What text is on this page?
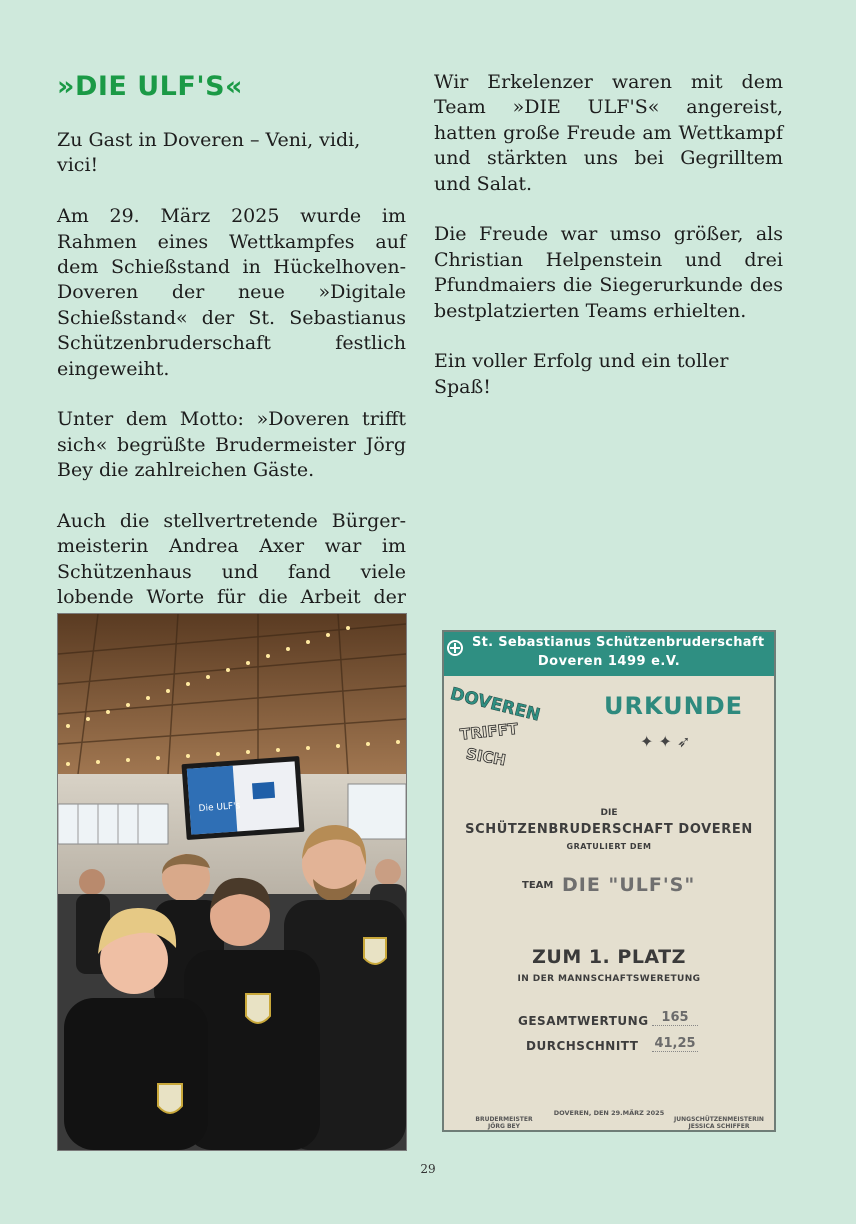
»DIE ULF'S«

Zu Gast in Doveren – Veni, vidi, vici!

Am 29. März 2025 wurde im Rahmen eines Wettkampfes auf dem Schießstand in Hückelhoven-Doveren der neue »Digitale Schießstand« der St. Sebastianus Schützenbruderschaft festlich eingeweiht.

Unter dem Motto: »Doveren trifft sich« begrüßte Brudermeister Jörg Bey die zahlreichen Gäste.

Auch die stellvertretende Bürgermeisterin Andrea Axer war im Schützenhaus und fand viele lobende Worte für die Arbeit der

Wir Erkelenzer waren mit dem Team »DIE ULF'S« angereist, hatten große Freude am Wettkampf und stärkten uns bei Gegrilltem und Salat.

Die Freude war umso größer, als Christian Helpenstein und drei Pfundmaiers die Siegerurkunde des bestplatzierten Teams erhielten.

Ein voller Erfolg und ein toller Spaß!

Die ULF's
St. Sebastianus Schützenbruderschaft
Doveren 1499 e.V.
DOVEREN
TRIFFT
SICH
URKUNDE
✦ ✦ ➶
DIE
SCHÜTZENBRUDERSCHAFT DOVEREN
GRATULIERT DEM
TEAM DIE "ULF'S"
ZUM 1. PLATZ
IN DER MANNSCHAFTSWERETUNG
GESAMTWERTUNG 165
DURCHSCHNITT 41,25
BRUDERMEISTER
JÖRG BEY
DOVEREN, DEN 29.MÄRZ 2025
JUNGSCHÜTZENMEISTERIN
JESSICA SCHIFFER
29
